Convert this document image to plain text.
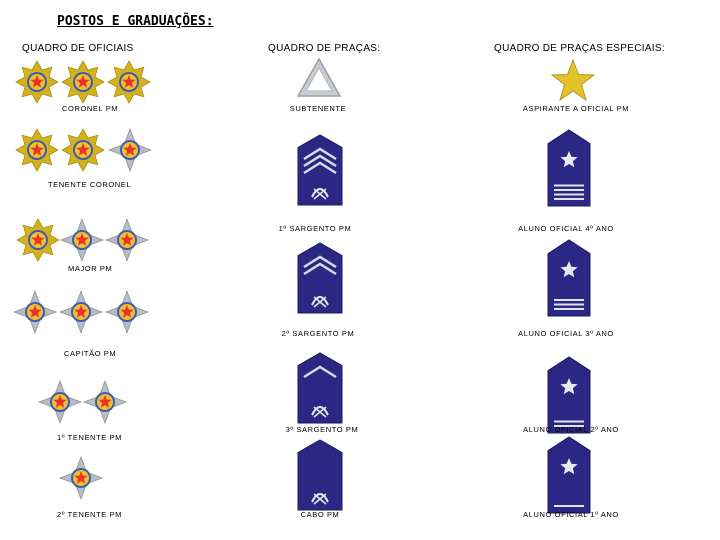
POSTOS E GRADUAÇÕES:
QUADRO DE OFICIAIS	QUADRO DE PRAÇAS:	QUADRO DE PRAÇAS ESPECIAIS:
CORONEL PM
TENENTE CORONEL
MAJOR PM
CAPITÃO PM
1º TENENTE PM
2º TENENTE PM
SUBTENENTE
1º SARGENTO PM
2º SARGENTO PM
3º SARGENTO PM
CABO PM
ASPIRANTE A OFICIAL PM
ALUNO OFICIAL 4º ANO
ALUNO OFICIAL 3º ANO
ALUNO OFICIAL 2º ANO
ALUNO OFICIAL 1º ANO
